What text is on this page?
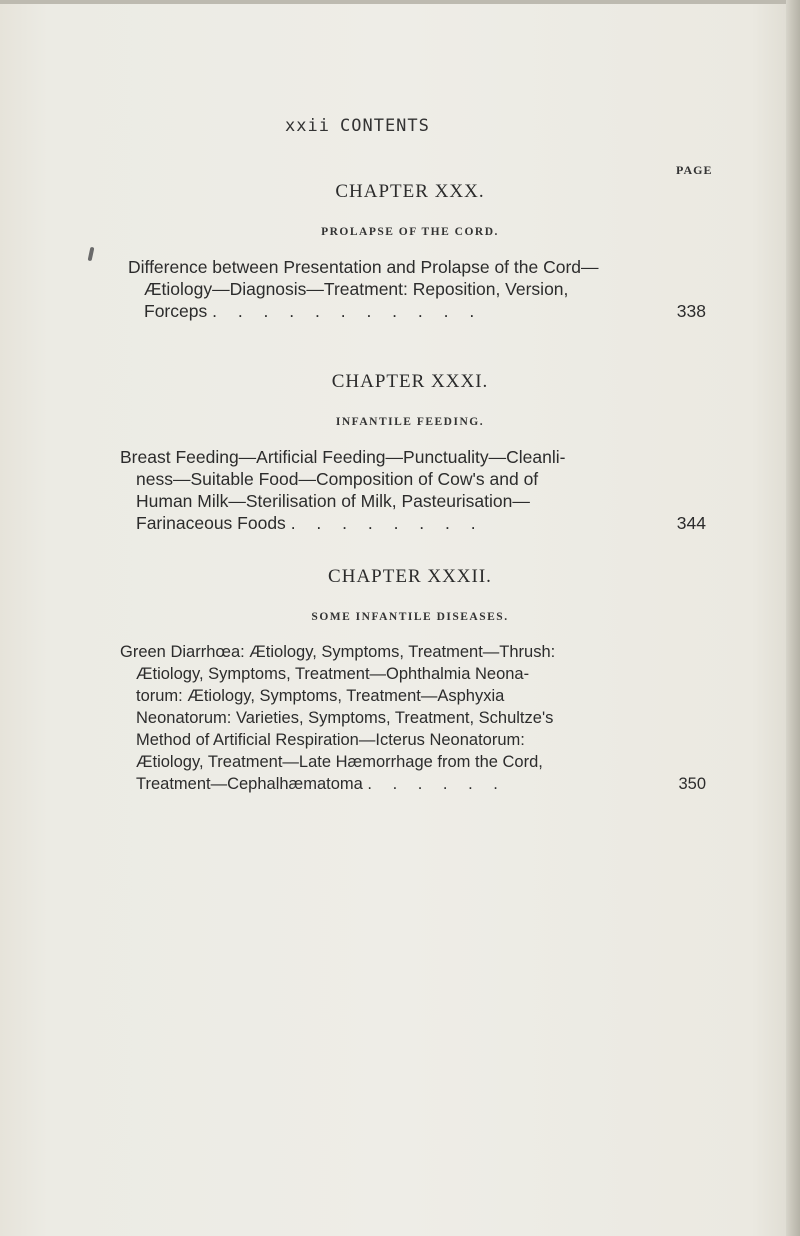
xxii CONTENTS
PAGE
CHAPTER XXX.
PROLAPSE OF THE CORD.
Difference between Presentation and Prolapse of the Cord—
Ætiology—Diagnosis—Treatment: Reposition, Version,
Forceps . . . . . . . . . . .	338
CHAPTER XXXI.
INFANTILE FEEDING.
Breast Feeding—Artificial Feeding—Punctuality—Cleanli-
ness—Suitable Food—Composition of Cow's and of
Human Milk—Sterilisation of Milk, Pasteurisation—
Farinaceous Foods . . . . . . . .	344
CHAPTER XXXII.
SOME INFANTILE DISEASES.
Green Diarrhœa: Ætiology, Symptoms, Treatment—Thrush:
Ætiology, Symptoms, Treatment—Ophthalmia Neona-
torum: Ætiology, Symptoms, Treatment—Asphyxia
Neonatorum: Varieties, Symptoms, Treatment, Schultze's
Method of Artificial Respiration—Icterus Neonatorum:
Ætiology, Treatment—Late Hæmorrhage from the Cord,
Treatment—Cephalhæmatoma . . . . . .	350
